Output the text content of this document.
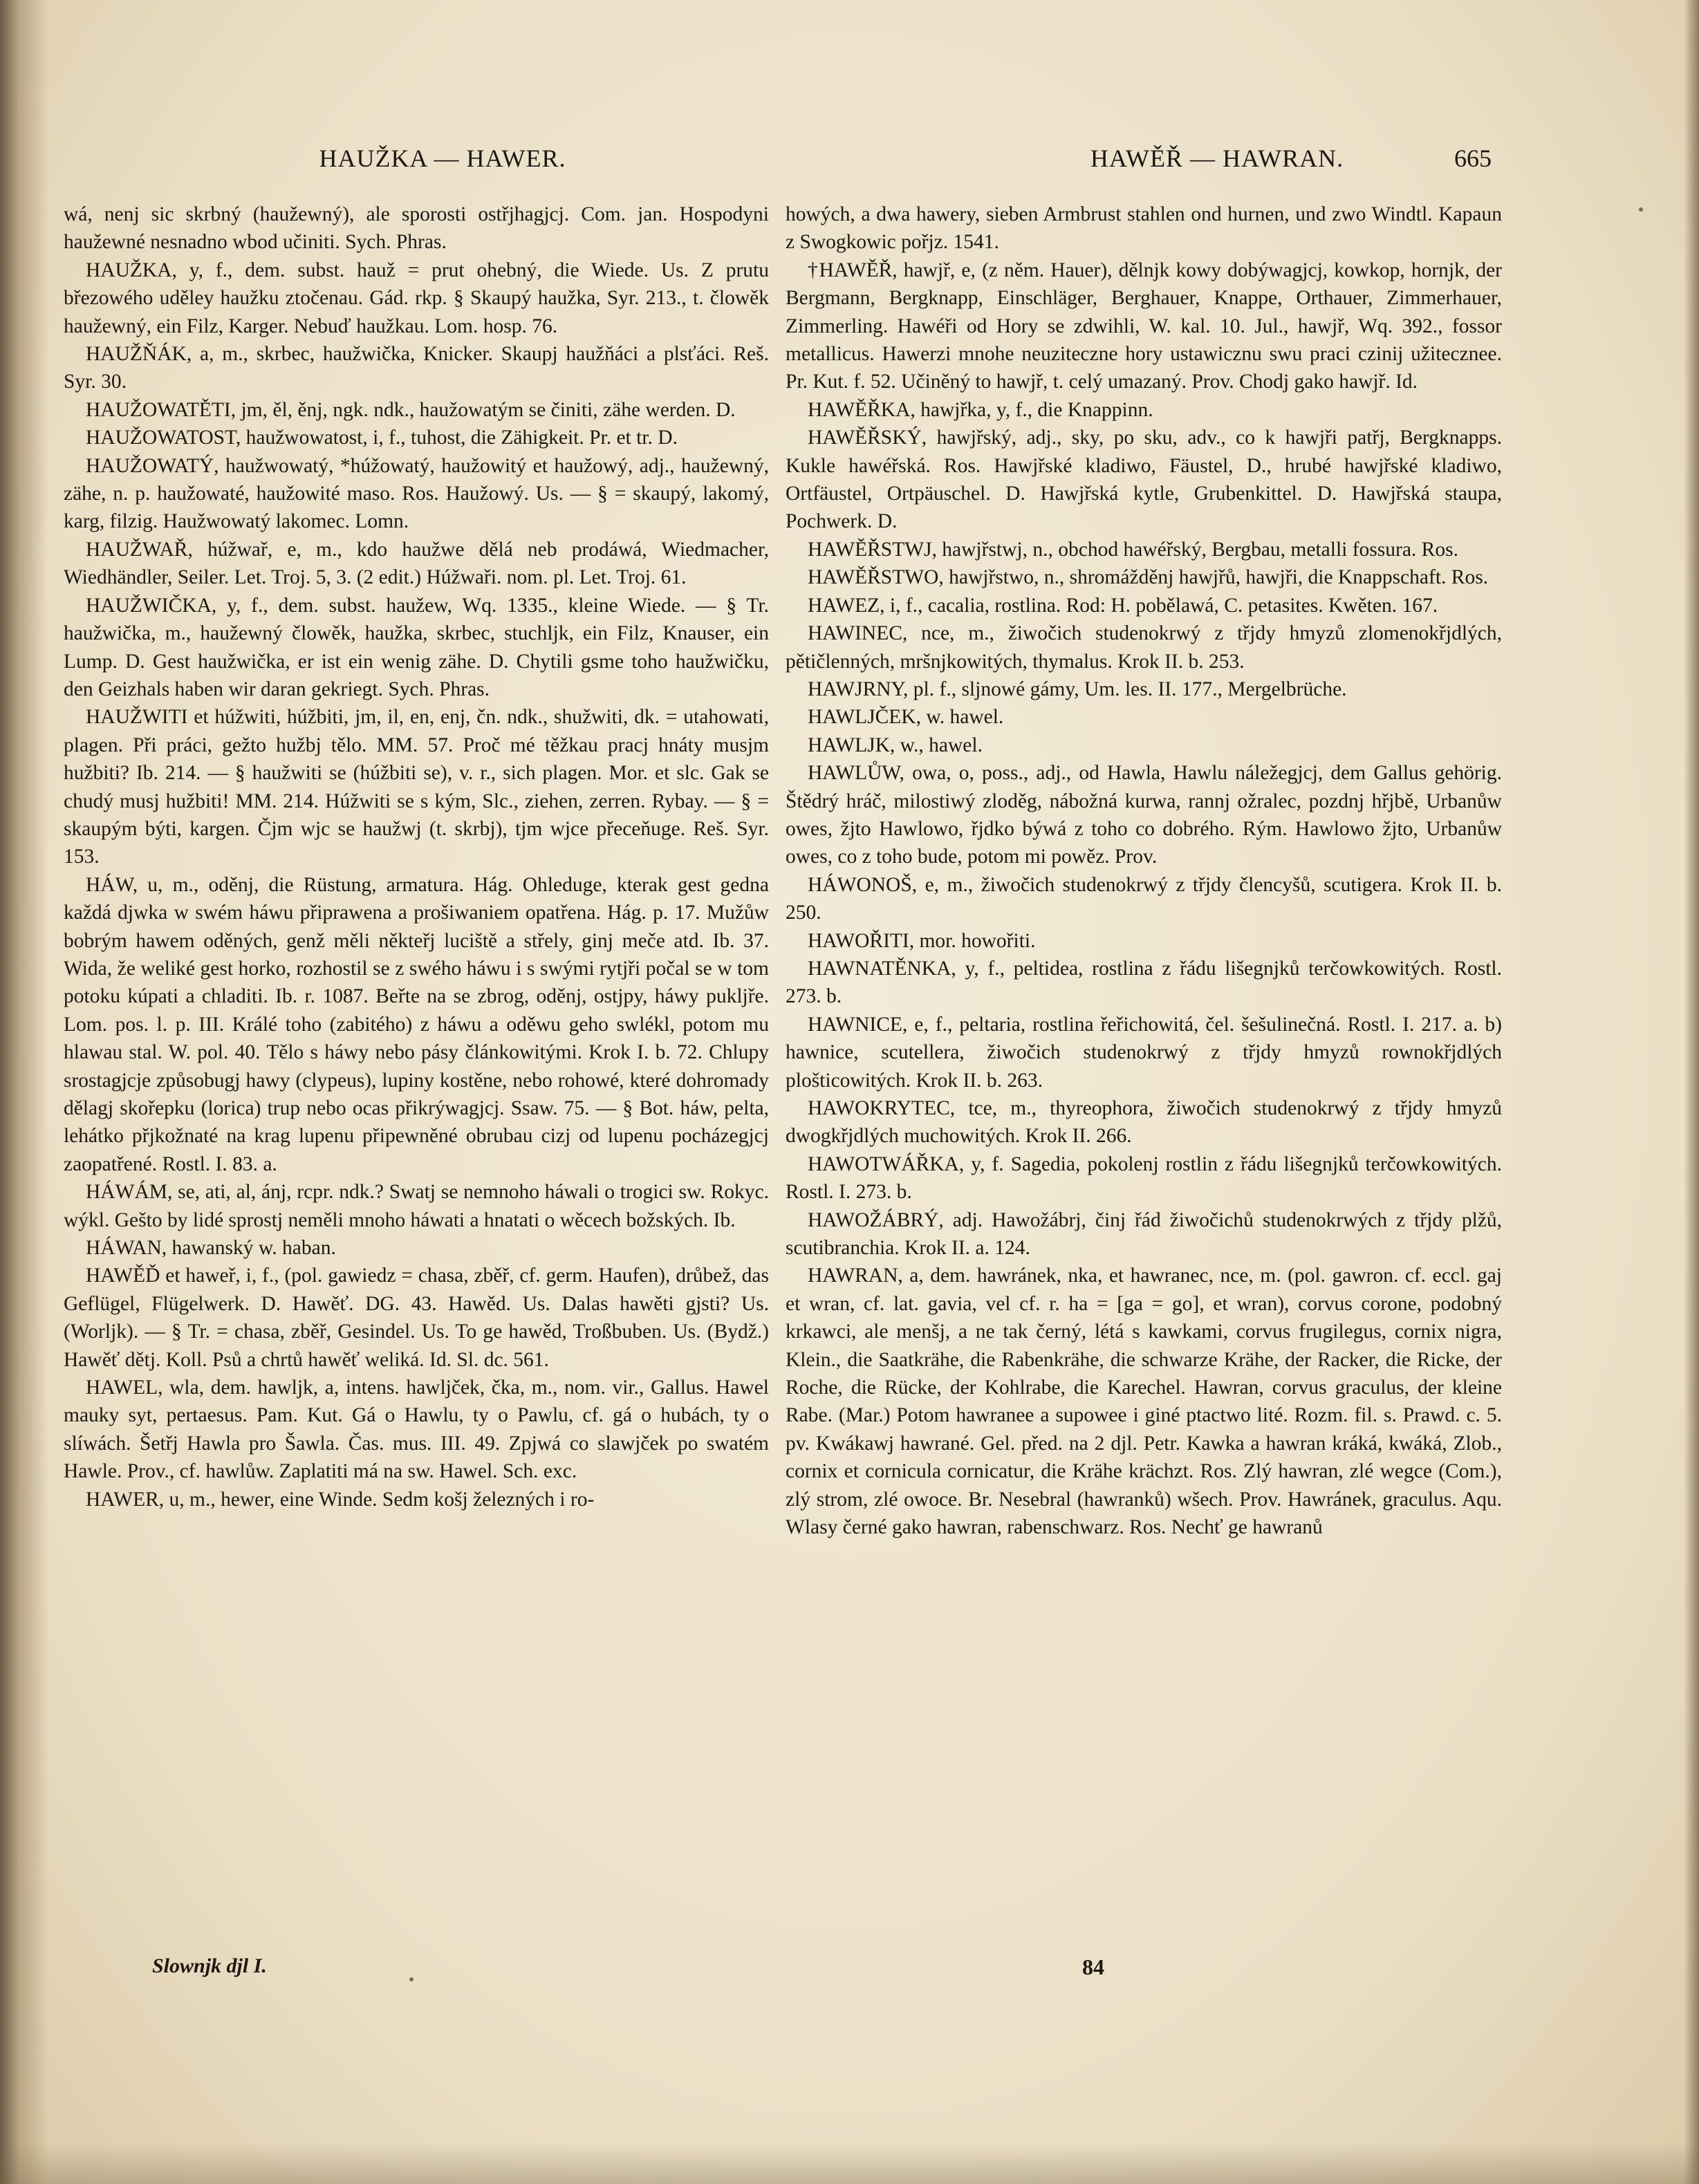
HAUŽKA — HAWER.	HAWĚŘ — HAWRAN.	665

wá, nenj sic skrbný (haužewný), ale sporosti ostřjhagjcj. Com. jan. Hospodyni haužewné nesnadno wbod učiniti. Sych. Phras.
HAUŽKA, y, f., dem. subst. hauž = prut ohebný, die Wiede. Us. Z prutu březowého uděley haužku ztočenau. Gád. rkp. § Skaupý haužka, Syr. 213., t. člowěk haužewný, ein Filz, Karger. Nebuď haužkau. Lom. hosp. 76.
HAUŽŇÁK, a, m., skrbec, haužwička, Knicker. Skaupj haužňáci a plsťáci. Reš. Syr. 30.
HAUŽOWATĚTI, jm, ěl, ěnj, ngk. ndk., haužowatým se činiti, zähe werden. D.
HAUŽOWATOST, haužwowatost, i, f., tuhost, die Zähigkeit. Pr. et tr. D.
HAUŽOWATÝ, haužwowatý, *húžowatý, haužowitý et haužowý, adj., haužewný, zähe, n. p. haužowaté, haužowité maso. Ros. Haužowý. Us. — § = skaupý, lakomý, karg, filzig. Haužwowatý lakomec. Lomn.
HAUŽWAŘ, húžwař, e, m., kdo haužwe dělá neb prodáwá, Wiedmacher, Wiedhändler, Seiler. Let. Troj. 5, 3. (2 edit.) Húžwaři. nom. pl. Let. Troj. 61.
HAUŽWIČKA, y, f., dem. subst. haužew, Wq. 1335., kleine Wiede. — § Tr. haužwička, m., haužewný člowěk, haužka, skrbec, stuchljk, ein Filz, Knauser, ein Lump. D. Gest haužwička, er ist ein wenig zähe. D. Chytili gsme toho haužwičku, den Geizhals haben wir daran gekriegt. Sych. Phras.
HAUŽWITI et húžwiti, húžbiti, jm, il, en, enj, čn. ndk., shužwiti, dk. = utahowati, plagen. Při práci, gežto hužbj tělo. MM. 57. Proč mé těžkau pracj hnáty musjm hužbiti? Ib. 214. — § haužwiti se (húžbiti se), v. r., sich plagen. Mor. et slc. Gak se chudý musj hužbiti! MM. 214. Húžwiti se s kým, Slc., ziehen, zerren. Rybay. — § = skaupým býti, kargen. Čjm wjc se haužwj (t. skrbj), tjm wjce přeceňuge. Reš. Syr. 153.
HÁW, u, m., oděnj, die Rüstung, armatura. Hág. Ohleduge, kterak gest gedna každá djwka w swém háwu připrawena a prošiwaniem opatřena. Hág. p. 17. Mužůw bobrým hawem oděných, genž měli někteřj luciště a střely, ginj meče atd. Ib. 37. Wida, že weliké gest horko, rozhostil se z swého háwu i s swými rytjři počal se w tom potoku kúpati a chladiti. Ib. r. 1087. Beřte na se zbrog, oděnj, ostjpy, háwy pukljře. Lom. pos. l. p. III. Králé toho (zabitého) z háwu a oděwu geho swlékl, potom mu hlawau stal. W. pol. 40. Tělo s háwy nebo pásy článkowitými. Krok I. b. 72. Chlupy srostagjcje způsobugj hawy (clypeus), lupiny kostěne, nebo rohowé, které dohromady dělagj skořepku (lorica) trup nebo ocas přikrýwagjcj. Ssaw. 75. — § Bot. háw, pelta, lehátko přjkožnaté na krag lupenu připewněné obrubau cizj od lupenu pocházegjcj zaopatřené. Rostl. I. 83. a.
HÁWÁM, se, ati, al, ánj, rcpr. ndk.? Swatj se nemnoho háwali o trogici sw. Rokyc. wýkl. Gešto by lidé sprostj neměli mnoho háwati a hnatati o wěcech božských. Ib.
HÁWAN, hawanský w. haban.
HAWĚĎ et haweř, i, f., (pol. gawiedz = chasa, zběř, cf. germ. Haufen), drůbež, das Geflügel, Flügelwerk. D. Hawěť. DG. 43. Hawěd. Us. Dalas hawěti gjsti? Us. (Worljk). — § Tr. = chasa, zběř, Gesindel. Us. To ge hawěd, Troßbuben. Us. (Bydž.) Hawěť dětj. Koll. Psů a chrtů hawěť weliká. Id. Sl. dc. 561.
HAWEL, wla, dem. hawljk, a, intens. hawljček, čka, m., nom. vir., Gallus. Hawel mauky syt, pertaesus. Pam. Kut. Gá o Hawlu, ty o Pawlu, cf. gá o hubách, ty o slíwách. Šetřj Hawla pro Šawla. Čas. mus. III. 49. Zpjwá co slawjček po swatém Hawle. Prov., cf. hawlůw. Zaplatiti má na sw. Hawel. Sch. exc.
HAWER, u, m., hewer, eine Winde. Sedm košj železných i ro-

howých, a dwa hawery, sieben Armbrust stahlen ond hurnen, und zwo Windtl. Kapaun z Swogkowic pořjz. 1541.
†HAWĚŘ, hawjř, e, (z něm. Hauer), dělnjk kowy dobýwagjcj, kowkop, hornjk, der Bergmann, Bergknapp, Einschläger, Berghauer, Knappe, Orthauer, Zimmerhauer, Zimmerling. Hawéři od Hory se zdwihli, W. kal. 10. Jul., hawjř, Wq. 392., fossor metallicus. Hawerzi mnohe neuziteczne hory ustawicznu swu praci czinij užitecznee. Pr. Kut. f. 52. Učiněný to hawjř, t. celý umazaný. Prov. Chodj gako hawjř. Id.
HAWĚŘKA, hawjřka, y, f., die Knappinn.
HAWĚŘSKÝ, hawjřský, adj., sky, po sku, adv., co k hawjři patřj, Bergknapps. Kukle hawéřská. Ros. Hawjřské kladiwo, Fäustel, D., hrubé hawjřské kladiwo, Ortfäustel, Ortpäuschel. D. Hawjřská kytle, Grubenkittel. D. Hawjřská staupa, Pochwerk. D.
HAWĚŘSTWJ, hawjřstwj, n., obchod hawéřský, Bergbau, metalli fossura. Ros.
HAWĚŘSTWO, hawjřstwo, n., shromážděnj hawjřů, hawjři, die Knappschaft. Ros.
HAWEZ, i, f., cacalia, rostlina. Rod: H. pobělawá, C. petasites. Kwěten. 167.
HAWINEC, nce, m., žiwočich studenokrwý z třjdy hmyzů zlomenokřjdlých, pětičlenných, mršnjkowitých, thymalus. Krok II. b. 253.
HAWJRNY, pl. f., sljnowé gámy, Um. les. II. 177., Mergelbrüche.
HAWLJČEK, w. hawel.
HAWLJK, w., hawel.
HAWLŮW, owa, o, poss., adj., od Hawla, Hawlu náležegjcj, dem Gallus gehörig. Štědrý hráč, milostiwý zloděg, nábožná kurwa, rannj ožralec, pozdnj hřjbě, Urbanůw owes, žjto Hawlowo, řjdko býwá z toho co dobrého. Rým. Hawlowo žjto, Urbanůw owes, co z toho bude, potom mi powěz. Prov.
HÁWONOŠ, e, m., žiwočich studenokrwý z třjdy člencyšů, scutigera. Krok II. b. 250.
HAWOŘITI, mor. howořiti.
HAWNATĚNKA, y, f., peltidea, rostlina z řádu lišegnjků terčowkowitých. Rostl. 273. b.
HAWNICE, e, f., peltaria, rostlina řeřichowitá, čel. šešulinečná. Rostl. I. 217. a. b) hawnice, scutellera, žiwočich studenokrwý z třjdy hmyzů rownokřjdlých plošticowitých. Krok II. b. 263.
HAWOKRYTEC, tce, m., thyreophora, žiwočich studenokrwý z třjdy hmyzů dwogkřjdlých muchowitých. Krok II. 266.
HAWOTWÁŘKA, y, f. Sagedia, pokolenj rostlin z řádu lišegnjků terčowkowitých. Rostl. I. 273. b.
HAWOŽÁBRÝ, adj. Hawožábrj, činj řád žiwočichů studenokrwých z třjdy plžů, scutibranchia. Krok II. a. 124.
HAWRAN, a, dem. hawránek, nka, et hawranec, nce, m. (pol. gawron. cf. eccl. gaj et wran, cf. lat. gavia, vel cf. r. ha = [ga = go], et wran), corvus corone, podobný krkawci, ale menšj, a ne tak černý, létá s kawkami, corvus frugilegus, cornix nigra, Klein., die Saatkrähe, die Rabenkrähe, die schwarze Krähe, der Racker, die Ricke, der Roche, die Rücke, der Kohlrabe, die Karechel. Hawran, corvus graculus, der kleine Rabe. (Mar.) Potom hawranee a supowee i giné ptactwo lité. Rozm. fil. s. Prawd. c. 5. pv. Kwákawj hawrané. Gel. před. na 2 djl. Petr. Kawka a hawran kráká, kwáká, Zlob., cornix et cornicula cornicatur, die Krähe krächzt. Ros. Zlý hawran, zlé wegce (Com.), zlý strom, zlé owoce. Br. Nesebral (hawranků) wšech. Prov. Hawránek, graculus. Aqu. Wlasy černé gako hawran, rabenschwarz. Ros. Nechť ge hawranů

Slownjk djl I.	84
